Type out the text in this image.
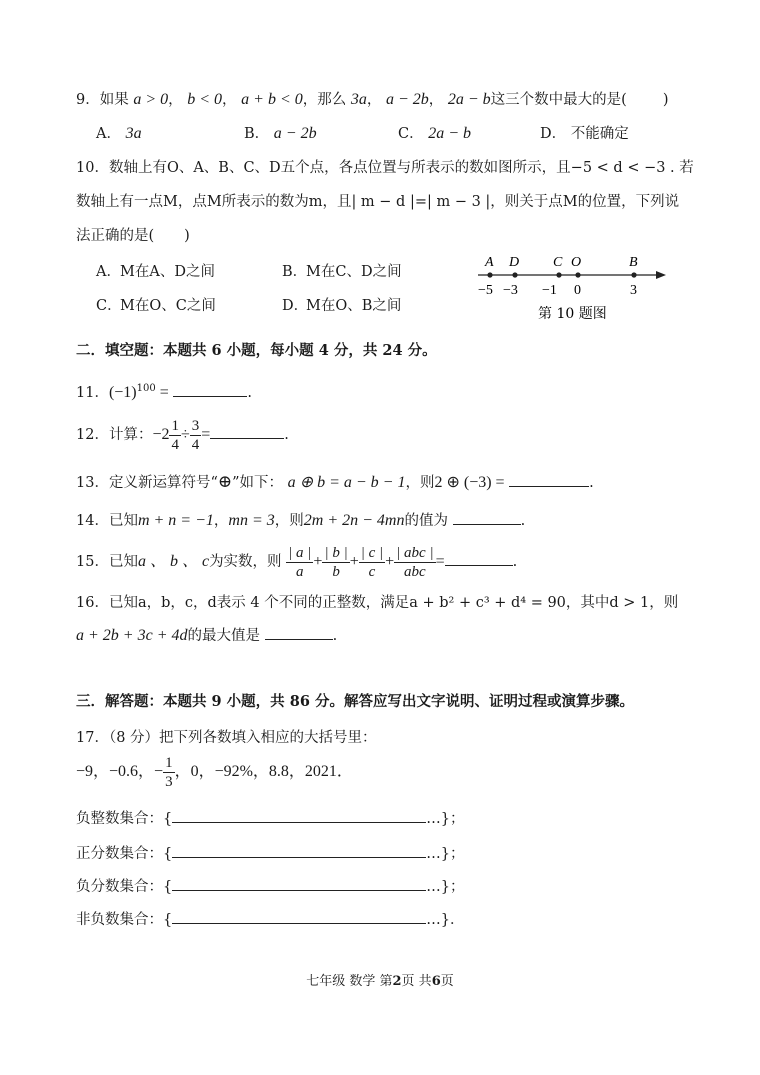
9．如果 a > 0， b < 0， a + b < 0，那么 3a， a − 2b， 2a − b这三个数中最大的是( )
A． 3a	B． a − 2b	C． 2a − b	D． 不能确定
10．数轴上有O、A、B、C、D五个点，各点位置与所表示的数如图所示，且−5 < d < −3 . 若
数轴上有一点M，点M所表示的数为m，且| m − d |=| m − 3 |，则关于点M的位置，下列说
法正确的是( )
M在A、D之间
A．	B．
M在C、D之间
C．
M在O、C之间	D．
M在O、B之间
A D C O	B
−5 −3 −1 0	3
第 10 题图
二．填空题：本题共 6 小题，每小题 4 分，共 24 分。
11．$(-1)^{100}$ =	.
12．计算：$-2 \frac{1}{4} \div \frac{3}{4}$ =	.
13．定义新运算符号“⊕”如下： a ⊕ b = a − b − 1，则2 ⊕ (−3) =	.
14．已知m + n = −1，mn = 3，则2m + 2n − 4mn的值为	.
15．已知a 、 b 、 c为实数，则 $\frac{| a |}{a} + \frac{| b |}{b} + \frac{| c |}{c} + \frac{\text{| abc |}}{\text{abc}}$ =	.
16．已知a，b，c，d表示 4 个不同的正整数，满足a + b² + c³ + d⁴ = 90，其中d > 1，则
a + 2b + 3c + 4d的最大值是	.
三．解答题：本题共 9 小题，共 86 分。解答应写出文字说明、证明过程或演算步骤。
17．（8 分）把下列各数填入相应的大括号里：
−9，−0.6，− $\frac{1}{3}$ ，0，−92%，8.8，2021．
负整数集合：{	…}；
正分数集合：{	…}；
负分数集合：{	…}；
非负数集合：{	…}．
七年级 数学 第2页 共6页
